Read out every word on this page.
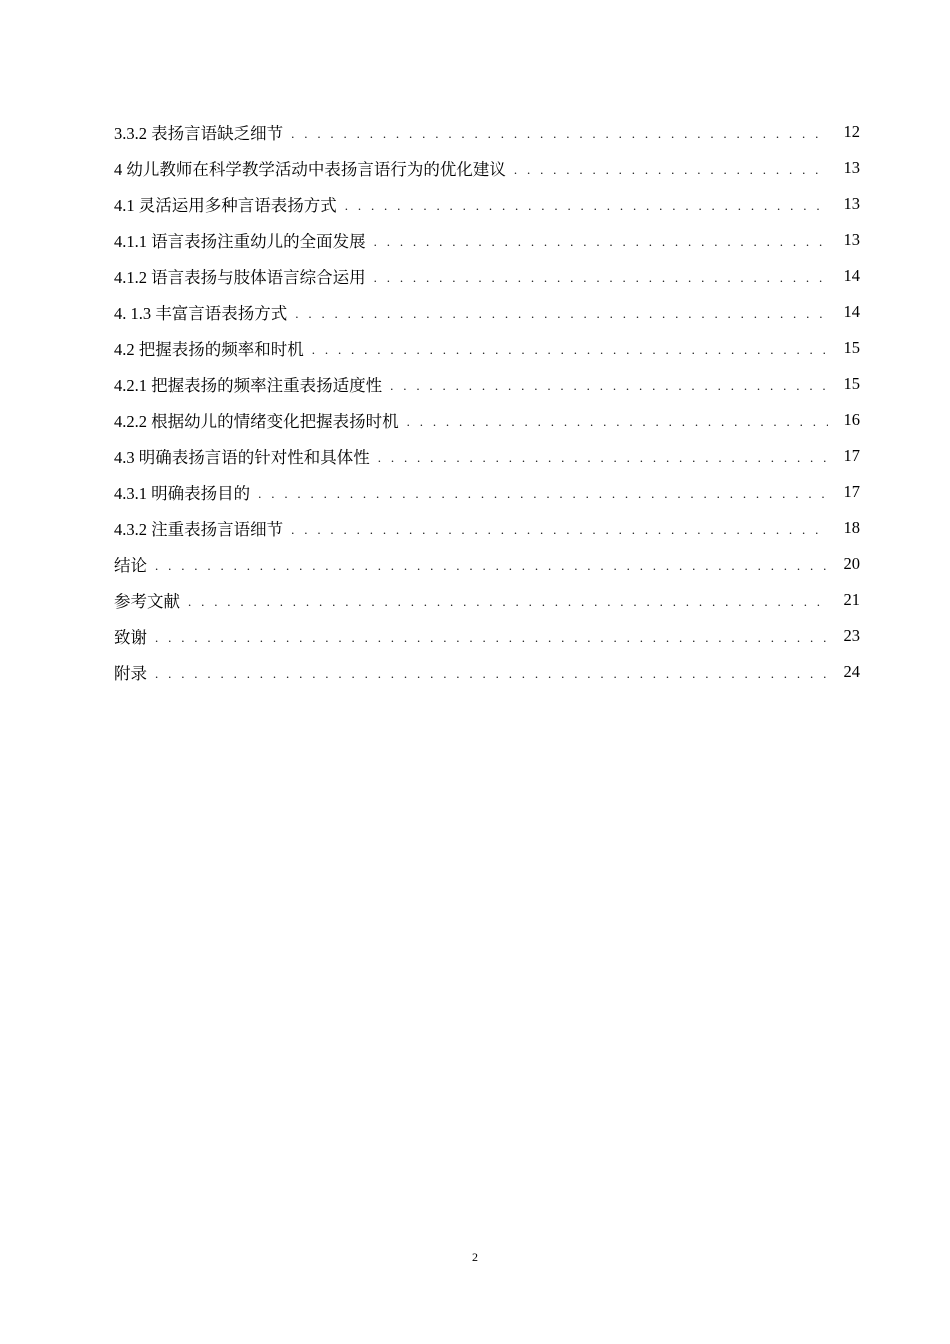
3.3.2 表扬言语缺乏细节 . . .	12
4 幼儿教师在科学教学活动中表扬言语行为的优化建议 . . .	13
4.1 灵活运用多种言语表扬方式 . . .	13
4.1.1 语言表扬注重幼儿的全面发展 . . .	13
4.1.2 语言表扬与肢体语言综合运用 . . .	14
4. 1.3 丰富言语表扬方式 . . .	14
4.2 把握表扬的频率和时机 . . .	15
4.2.1 把握表扬的频率注重表扬适度性 . . .	15
4.2.2 根据幼儿的情绪变化把握表扬时机 . . .	16
4.3 明确表扬言语的针对性和具体性 . . .	17
4.3.1 明确表扬目的 . . .	17
4.3.2 注重表扬言语细节 . . .	18
结论 . . .	20
参考文献 . . .	21
致谢 . . .	23
附录 . . .	24
2
